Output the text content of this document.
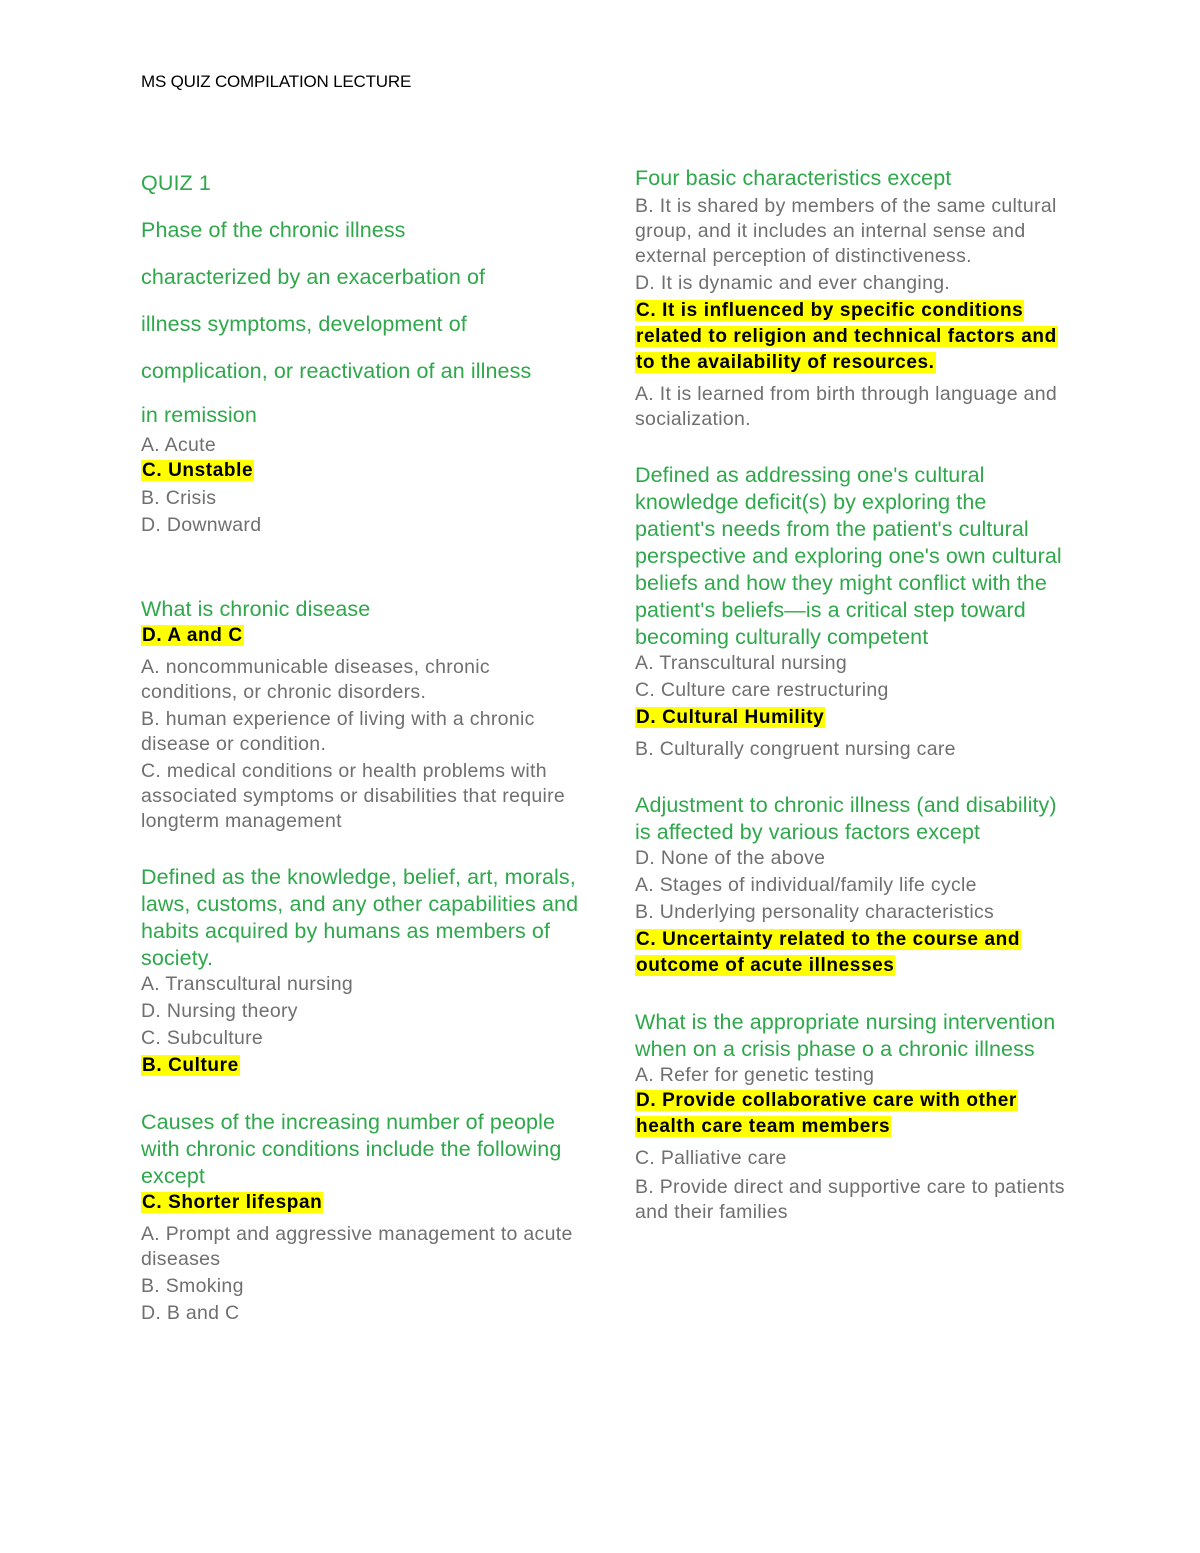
MS QUIZ COMPILATION LECTURE
QUIZ 1
Phase of the chronic illness
characterized by an exacerbation of
illness symptoms, development of
complication, or reactivation of an illness
in remission
A. Acute
C. Unstable
B. Crisis
D. Downward
What is chronic disease
D. A and C
A. noncommunicable diseases, chronic conditions, or chronic disorders.
B. human experience of living with a chronic disease or condition.
C. medical conditions or health problems with associated symptoms or disabilities that require longterm management
Defined as the knowledge, belief, art, morals, laws, customs, and any other capabilities and habits acquired by humans as members of society.
A. Transcultural nursing
D. Nursing theory
C. Subculture
B. Culture
Causes of the increasing number of people with chronic conditions include the following except
C. Shorter lifespan
A. Prompt and aggressive management to acute diseases
B. Smoking
D. B and C
Four basic characteristics except
B. It is shared by members of the same cultural group, and it includes an internal sense and external perception of distinctiveness.
D. It is dynamic and ever changing.
C. It is influenced by specific conditions related to religion and technical factors and to the availability of resources.
A. It is learned from birth through language and socialization.
Defined as addressing one's cultural knowledge deficit(s) by exploring the patient's needs from the patient's cultural perspective and exploring one's own cultural beliefs and how they might conflict with the patient's beliefs—is a critical step toward becoming culturally competent
A. Transcultural nursing
C. Culture care restructuring
D. Cultural Humility
B. Culturally congruent nursing care
Adjustment to chronic illness (and disability) is affected by various factors except
D. None of the above
A. Stages of individual/family life cycle
B. Underlying personality characteristics
C. Uncertainty related to the course and outcome of acute illnesses
What is the appropriate nursing intervention when on a crisis phase o a chronic illness
A. Refer for genetic testing
D. Provide collaborative care with other health care team members
C. Palliative care
B. Provide direct and supportive care to patients and their families
